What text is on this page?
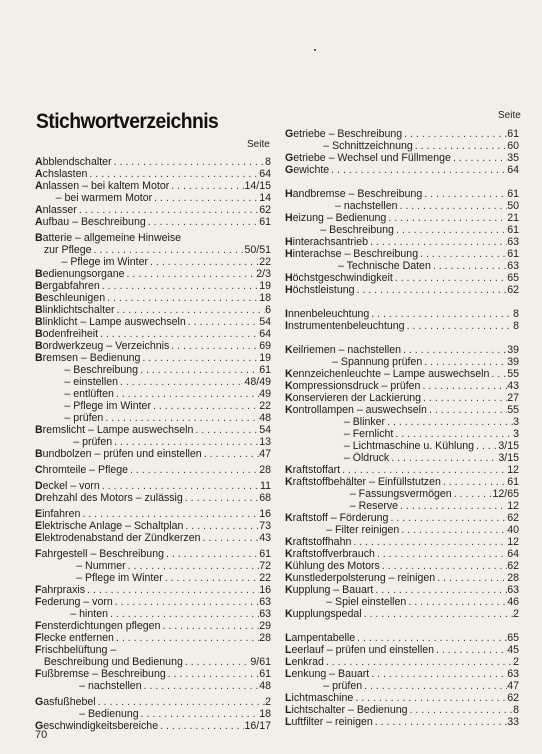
Stichwortverzeichnis
Seite
Seite
Abblendschalter . . .	8
Achslasten . . .	64
Anlassen – bei kaltem Motor . . .	14/15
– bei warmem Motor . . .	14
Anlasser . . .	62
Aufbau – Beschreibung . . .	61
Batterie – allgemeine Hinweise
zur Pflege . . .	50/51
– Pflege im Winter . . .	22
Bedienungsorgane . . .	2/3
Bergabfahren . . .	19
Beschleunigen . . .	18
Blinklichtschalter . . .	6
Blinklicht – Lampe auswechseln . . .	54
Bodenfreiheit . . .	64
Bordwerkzeug – Verzeichnis . . .	69
Bremsen – Bedienung . . .	19
– Beschreibung . . .	61
– einstellen . . .	48/49
– entlüften . . .	49
– Pflege im Winter . . .	22
– prüfen . . .	48
Bremslicht – Lampe auswechseln . . .	54
– prüfen . . .	13
Bundbolzen – prüfen und einstellen . . .	47
Chromteile – Pflege . . .	28
Deckel – vorn . . .	11
Drehzahl des Motors – zulässig . . .	68
Einfahren . . .	16
Elektrische Anlage – Schaltplan . . .	73
Elektrodenabstand der Zündkerzen . . .	43
Fahrgestell – Beschreibung . . .	61
– Nummer . . .	72
– Pflege im Winter . . .	22
Fahrpraxis . . .	16
Federung – vorn . . .	63
– hinten . . .	63
Fensterdichtungen pflegen . . .	29
Flecke entfernen . . .	28
Frischbelüftung –
Beschreibung und Bedienung . . .	9/61
Fußbremse – Beschreibung . . .	61
– nachstellen . . .	48
Gasfußhebel . . .	2
– Bedienung . . .	18
Geschwindigkeitsbereiche . . .	16/17
Getriebe – Beschreibung . . .	61
– Schnittzeichnung . . .	60
Getriebe – Wechsel und Füllmenge . . .	35
Gewichte . . .	64
Handbremse – Beschreibung . . .	61
– nachstellen . . .	50
Heizung – Bedienung . . .	21
– Beschreibung . . .	61
Hinterachsantrieb . . .	63
Hinterachse – Beschreibung . . .	61
– Technische Daten . . .	63
Höchstgeschwindigkeit . . .	65
Höchstleistung . . .	62
Innenbeleuchtung . . .	8
Instrumentenbeleuchtung . . .	8
Keilriemen – nachstellen . . .	39
– Spannung prüfen . . .	39
Kennzeichenleuchte – Lampe auswechseln . . . 55
Kompressionsdruck – prüfen . . .	43
Konservieren der Lackierung . . .	27
Kontrollampen – auswechseln . . .	55
– Blinker . . .	3
– Fernlicht . . .	3
– Lichtmaschine u. Kühlung . . . 3/15
– Öldruck . . .	3/15
Kraftstoffart . . .	12
Kraftstoffbehälter – Einfüllstutzen . . .	61
– Fassungsvermögen . . .	12/65
– Reserve . . .	12
Kraftstoff – Förderung . . .	62
– Filter reinigen . . .	40
Kraftstoffhahn . . .	12
Kraftstoffverbrauch . . .	64
Kühlung des Motors . . .	62
Kunstlederpolsterung – reinigen . . .	28
Kupplung – Bauart . . .	63
– Spiel einstellen . . .	46
Kupplungspedal . . .	2
Lampentabelle . . .	65
Leerlauf – prüfen und einstellen . . .	45
Lenkrad . . .	2
Lenkung – Bauart . . .	63
– prüfen . . .	47
Lichtmaschine . . .	62
Lichtschalter – Bedienung . . .	8
Luftfilter – reinigen . . .	33
70
